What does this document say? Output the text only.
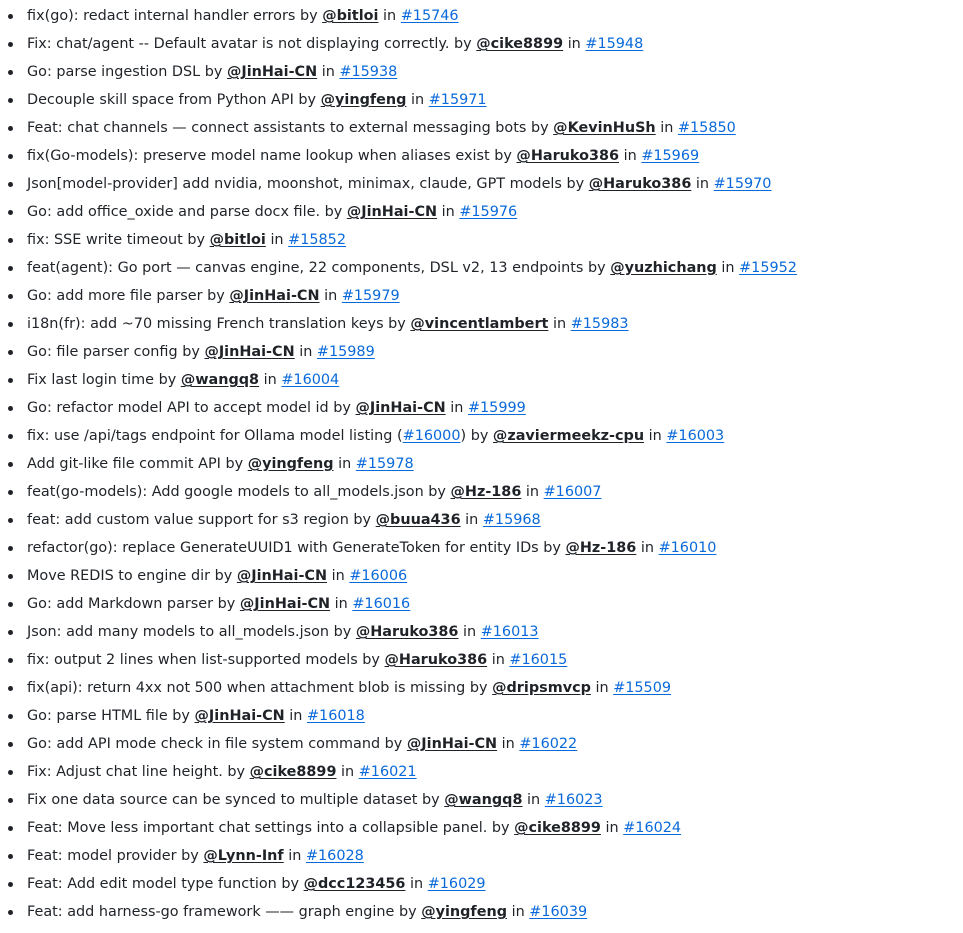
fix(go): redact internal handler errors by @bitloi in #15746
Fix: chat/agent -- Default avatar is not displaying correctly. by @cike8899 in #15948
Go: parse ingestion DSL by @JinHai-CN in #15938
Decouple skill space from Python API by @yingfeng in #15971
Feat: chat channels — connect assistants to external messaging bots by @KevinHuSh in #15850
fix(Go-models): preserve model name lookup when aliases exist by @Haruko386 in #15969
Json[model-provider] add nvidia, moonshot, minimax, claude, GPT models by @Haruko386 in #15970
Go: add office_oxide and parse docx file. by @JinHai-CN in #15976
fix: SSE write timeout by @bitloi in #15852
feat(agent): Go port — canvas engine, 22 components, DSL v2, 13 endpoints by @yuzhichang in #15952
Go: add more file parser by @JinHai-CN in #15979
i18n(fr): add ~70 missing French translation keys by @vincentlambert in #15983
Go: file parser config by @JinHai-CN in #15989
Fix last login time by @wangq8 in #16004
Go: refactor model API to accept model id by @JinHai-CN in #15999
fix: use /api/tags endpoint for Ollama model listing (#16000) by @zaviermeekz-cpu in #16003
Add git-like file commit API by @yingfeng in #15978
feat(go-models): Add google models to all_models.json by @Hz-186 in #16007
feat: add custom value support for s3 region by @buua436 in #15968
refactor(go): replace GenerateUUID1 with GenerateToken for entity IDs by @Hz-186 in #16010
Move REDIS to engine dir by @JinHai-CN in #16006
Go: add Markdown parser by @JinHai-CN in #16016
Json: add many models to all_models.json by @Haruko386 in #16013
fix: output 2 lines when list-supported models by @Haruko386 in #16015
fix(api): return 4xx not 500 when attachment blob is missing by @dripsmvcp in #15509
Go: parse HTML file by @JinHai-CN in #16018
Go: add API mode check in file system command by @JinHai-CN in #16022
Fix: Adjust chat line height. by @cike8899 in #16021
Fix one data source can be synced to multiple dataset by @wangq8 in #16023
Feat: Move less important chat settings into a collapsible panel. by @cike8899 in #16024
Feat: model provider by @Lynn-Inf in #16028
Feat: Add edit model type function by @dcc123456 in #16029
Feat: add harness-go framework —— graph engine by @yingfeng in #16039
